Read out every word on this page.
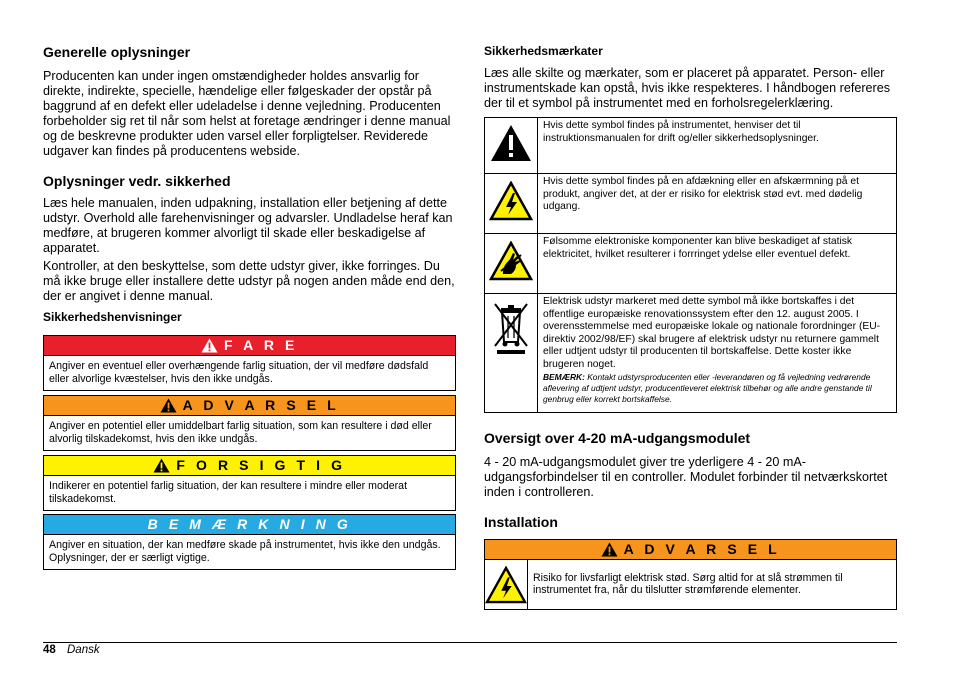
Generelle oplysninger

Producenten kan under ingen omstændigheder holdes ansvarlig for direkte, indirekte, specielle, hændelige eller følgeskader der opstår på baggrund af en defekt eller udeladelse i denne vejledning. Producenten forbeholder sig ret til når som helst at foretage ændringer i denne manual og de beskrevne produkter uden varsel eller forpligtelser. Reviderede udgaver kan findes på producentens webside.

Oplysninger vedr. sikkerhed

Læs hele manualen, inden udpakning, installation eller betjening af dette udstyr. Overhold alle farehenvisninger og advarsler. Undladelse heraf kan medføre, at brugeren kommer alvorligt til skade eller beskadigelse af apparatet.

Kontroller, at den beskyttelse, som dette udstyr giver, ikke forringes. Du må ikke bruge eller installere dette udstyr på nogen anden måde end den, der er angivet i denne manual.

Sikkerhedshenvisninger
F A R E
Angiver en eventuel eller overhængende farlig situation, der vil medføre dødsfald eller alvorlige kvæstelser, hvis den ikke undgås.
A D V A R S E L
Angiver en potentiel eller umiddelbart farlig situation, som kan resultere i død eller alvorlig tilskadekomst, hvis den ikke undgås.
F O R S I G T I G
Indikerer en potentiel farlig situation, der kan resultere i mindre eller moderat tilskadekomst.
B E M Æ R K N I N G
Angiver en situation, der kan medføre skade på instrumentet, hvis ikke den undgås. Oplysninger, der er særligt vigtige.
Sikkerhedsmærkater

Læs alle skilte og mærkater, som er placeret på apparatet. Person- eller instrumentskade kan opstå, hvis ikke respekteres. I håndbogen refereres der til et symbol på instrumentet med en forholsregelerklæring.

	Hvis dette symbol findes på instrumentet, henviser det til instruktionsmanualen for drift og/eller sikkerhedsoplysninger.
	Hvis dette symbol findes på en afdækning eller en afskærmning på et produkt, angiver det, at der er risiko for elektrisk stød evt. med dødelig udgang.
	Følsomme elektroniske komponenter kan blive beskadiget af statisk elektricitet, hvilket resulterer i forrringet ydelse eller eventuel defekt.

Elektrisk udstyr markeret med dette symbol må ikke bortskaffes i det offentlige europæiske renovationssystem efter den 12. august 2005. I overensstemmelse med europæiske lokale og nationale forordninger (EU-direktiv 2002/98/EF) skal brugere af elektrisk udstyr nu returnere gammelt eller udtjent udstyr til producenten til bortskaffelse. Dette koster ikke brugeren noget.
BEMÆRK: Kontakt udstyrsproducenten eller -leverandøren og få vejledning vedrørende aflevering af udtjent udstyr, producentleveret elektrisk tilbehør og alle andre genstande til genbrug eller korrekt bortskaffelse.
Oversigt over 4-20 mA-udgangsmodulet

4 - 20 mA-udgangsmodulet giver tre yderligere 4 - 20 mA-udgangsforbindelser til en controller. Modulet forbinder til netværkskortet inden i controlleren.

Installation
A D V A R S E L
Risiko for livsfarligt elektrisk stød. Sørg altid for at slå strømmen til instrumentet fra, når du tilslutter strømførende elementer.
48 Dansk
